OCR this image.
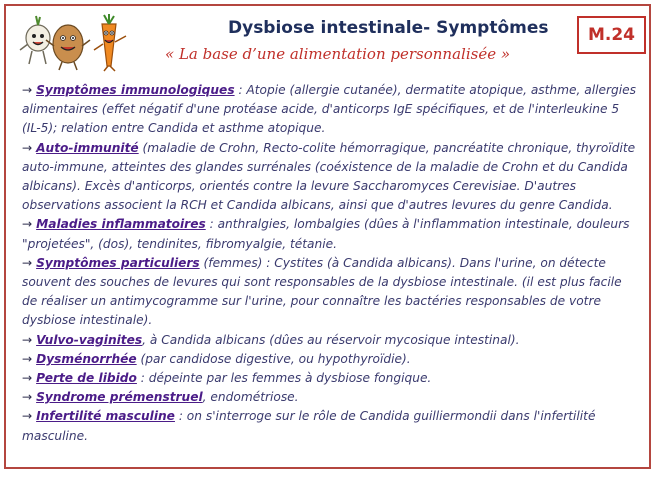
Dysbiose intestinale- Symptômes
« La base d’une alimentation personnalisée »
M.24

→ Symptômes immunologiques : Atopie (allergie cutanée), dermatite atopique, asthme, allergies alimentaires (effet négatif d'une protéase acide, d'anticorps IgE spécifiques, et de l'interleukine 5 (IL-5); relation entre Candida et asthme atopique.

→ Auto-immunité (maladie de Crohn, Recto-colite hémorragique, pancréatite chronique, thyroïdite auto-immune, atteintes des glandes surrénales (coéxistence de la maladie de Crohn et du Candida albicans). Excès d'anticorps, orientés contre la levure Saccharomyces Cerevisiae. D'autres observations associent la RCH et Candida albicans, ainsi que d'autres levures du genre Candida.

→ Maladies inflammatoires : anthralgies, lombalgies (dûes à l'inflammation intestinale, douleurs "projetées", (dos), tendinites, fibromyalgie, tétanie.

→ Symptômes particuliers (femmes) : Cystites (à Candida albicans). Dans l'urine, on détecte souvent des souches de levures qui sont responsables de la dysbiose intestinale. (il est plus facile de réaliser un antimycogramme sur l'urine, pour connaître les bactéries responsables de votre dysbiose intestinale).

→ Vulvo-vaginites, à Candida albicans (dûes au réservoir mycosique intestinal).

→ Dysménorrhée (par candidose digestive, ou hypothyroïdie).

→ Perte de libido : dépeinte par les femmes à dysbiose fongique.

→ Syndrome prémenstruel, endométriose.

→ Infertilité masculine : on s'interroge sur le rôle de Candida guilliermondii dans l'infertilité masculine.
